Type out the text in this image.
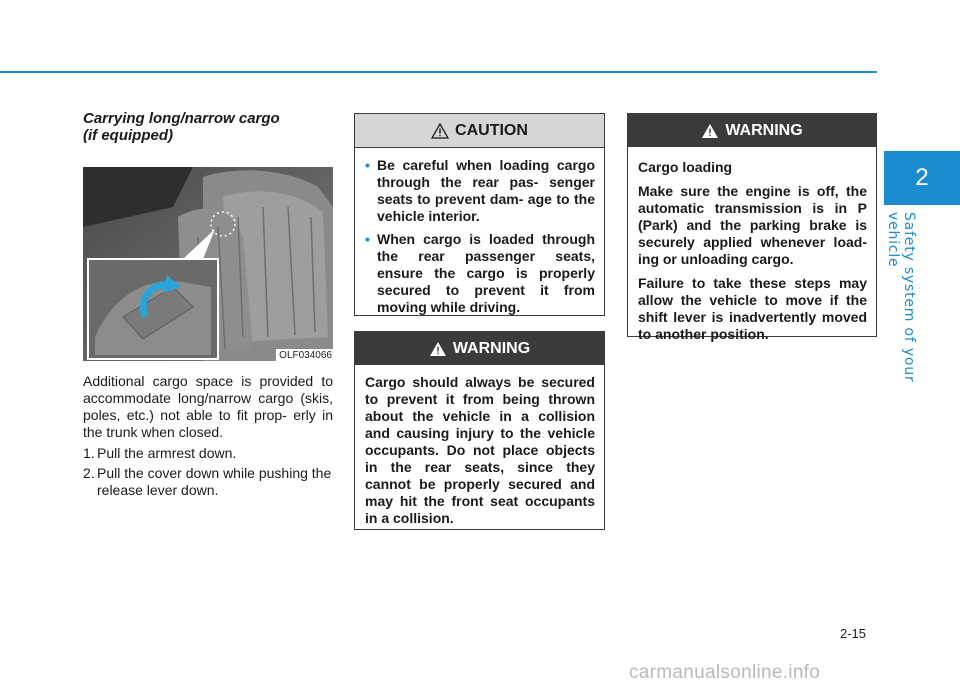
2
Safety system of your vehicle
Carrying long/narrow cargo
(if equipped)
OLF034066

Additional cargo space is provided to accommodate long/narrow cargo (skis, poles, etc.) not able to fit prop- erly in the trunk when closed.

1. Pull the armrest down.
2. Pull the cover down while pushing the release lever down.
CAUTION
• Be careful when loading cargo through the rear pas- senger seats to prevent dam- age to the vehicle interior.
• When cargo is loaded through the rear passenger seats, ensure the cargo is properly secured to prevent it from moving while driving.
WARNING

Cargo should always be secured to prevent it from being thrown about the vehicle in a collision and causing injury to the vehicle occupants. Do not place objects in the rear seats, since they cannot be properly secured and may hit the front seat occupants in a collision.

WARNING

Cargo loading

Make sure the engine is off, the automatic transmission is in P (Park) and the parking brake is securely applied whenever load- ing or unloading cargo.

Failure to take these steps may allow the vehicle to move if the shift lever is inadvertently moved to another position.

2-15
carmanualsonline.info
